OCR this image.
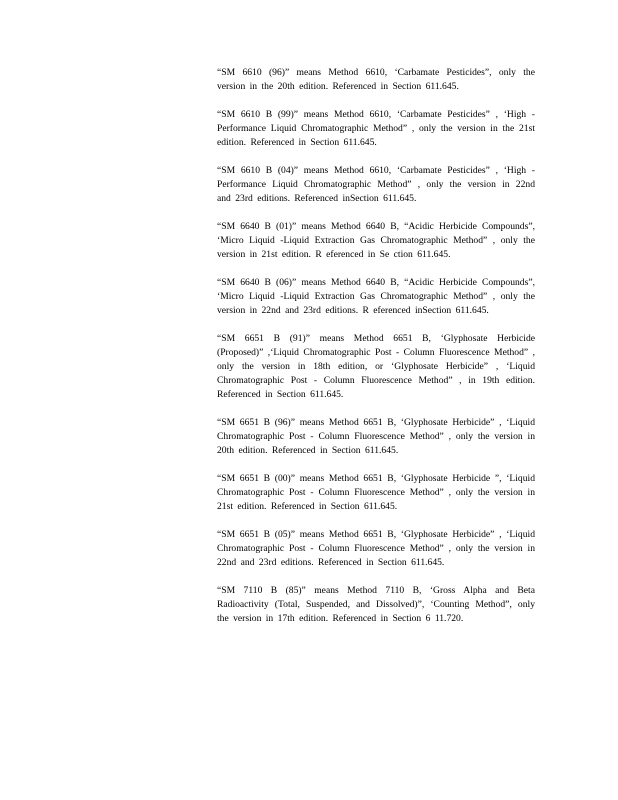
“SM 6610 (96)” means Method 6610, ‘Carbamate Pesticides”, only the version in the 20th edition. Referenced in Section 611.645.

“SM 6610 B (99)” means Method 6610, ‘Carbamate Pesticides” , ‘High -Performance Liquid Chromatographic Method” , only the version in the 21st edition. Referenced in Section 611.645.

“SM 6610 B (04)” means Method 6610, ‘Carbamate Pesticides” , ‘High -Performance Liquid Chromatographic Method” , only the version in 22nd and 23rd editions. Referenced inSection 611.645.

“SM 6640 B (01)” means Method 6640 B, “Acidic Herbicide Compounds”, ‘Micro Liquid -Liquid Extraction Gas Chromatographic Method” , only the version in 21st edition. R eferenced in Se ction 611.645.

“SM 6640 B (06)” means Method 6640 B, “Acidic Herbicide Compounds”, ‘Micro Liquid -Liquid Extraction Gas Chromatographic Method” , only the version in 22nd and 23rd editions. R eferenced inSection 611.645.

“SM 6651 B (91)” means Method 6651 B, ‘Glyphosate Herbicide (Proposed)” ,‘Liquid Chromatographic Post - Column Fluorescence Method” , only the version in 18th edition, or ‘Glyphosate Herbicide” , ‘Liquid Chromatographic Post - Column Fluorescence Method” , in 19th edition. Referenced in Section 611.645.

“SM 6651 B (96)” means Method 6651 B, ‘Glyphosate Herbicide” , ‘Liquid Chromatographic Post - Column Fluorescence Method” , only the version in 20th edition. Referenced in Section 611.645.

“SM 6651 B (00)” means Method 6651 B, ‘Glyphosate Herbicide ”, ‘Liquid Chromatographic Post - Column Fluorescence Method” , only the version in 21st edition. Referenced in Section 611.645.

“SM 6651 B (05)” means Method 6651 B, ‘Glyphosate Herbicide” , ‘Liquid Chromatographic Post - Column Fluorescence Method” , only the version in 22nd and 23rd editions. Referenced in Section 611.645.

“SM 7110 B (85)” means Method 7110 B, ‘Gross Alpha and Beta Radioactivity (Total, Suspended, and Dissolved)”, ‘Counting Method”, only the version in 17th edition. Referenced in Section 6 11.720.
